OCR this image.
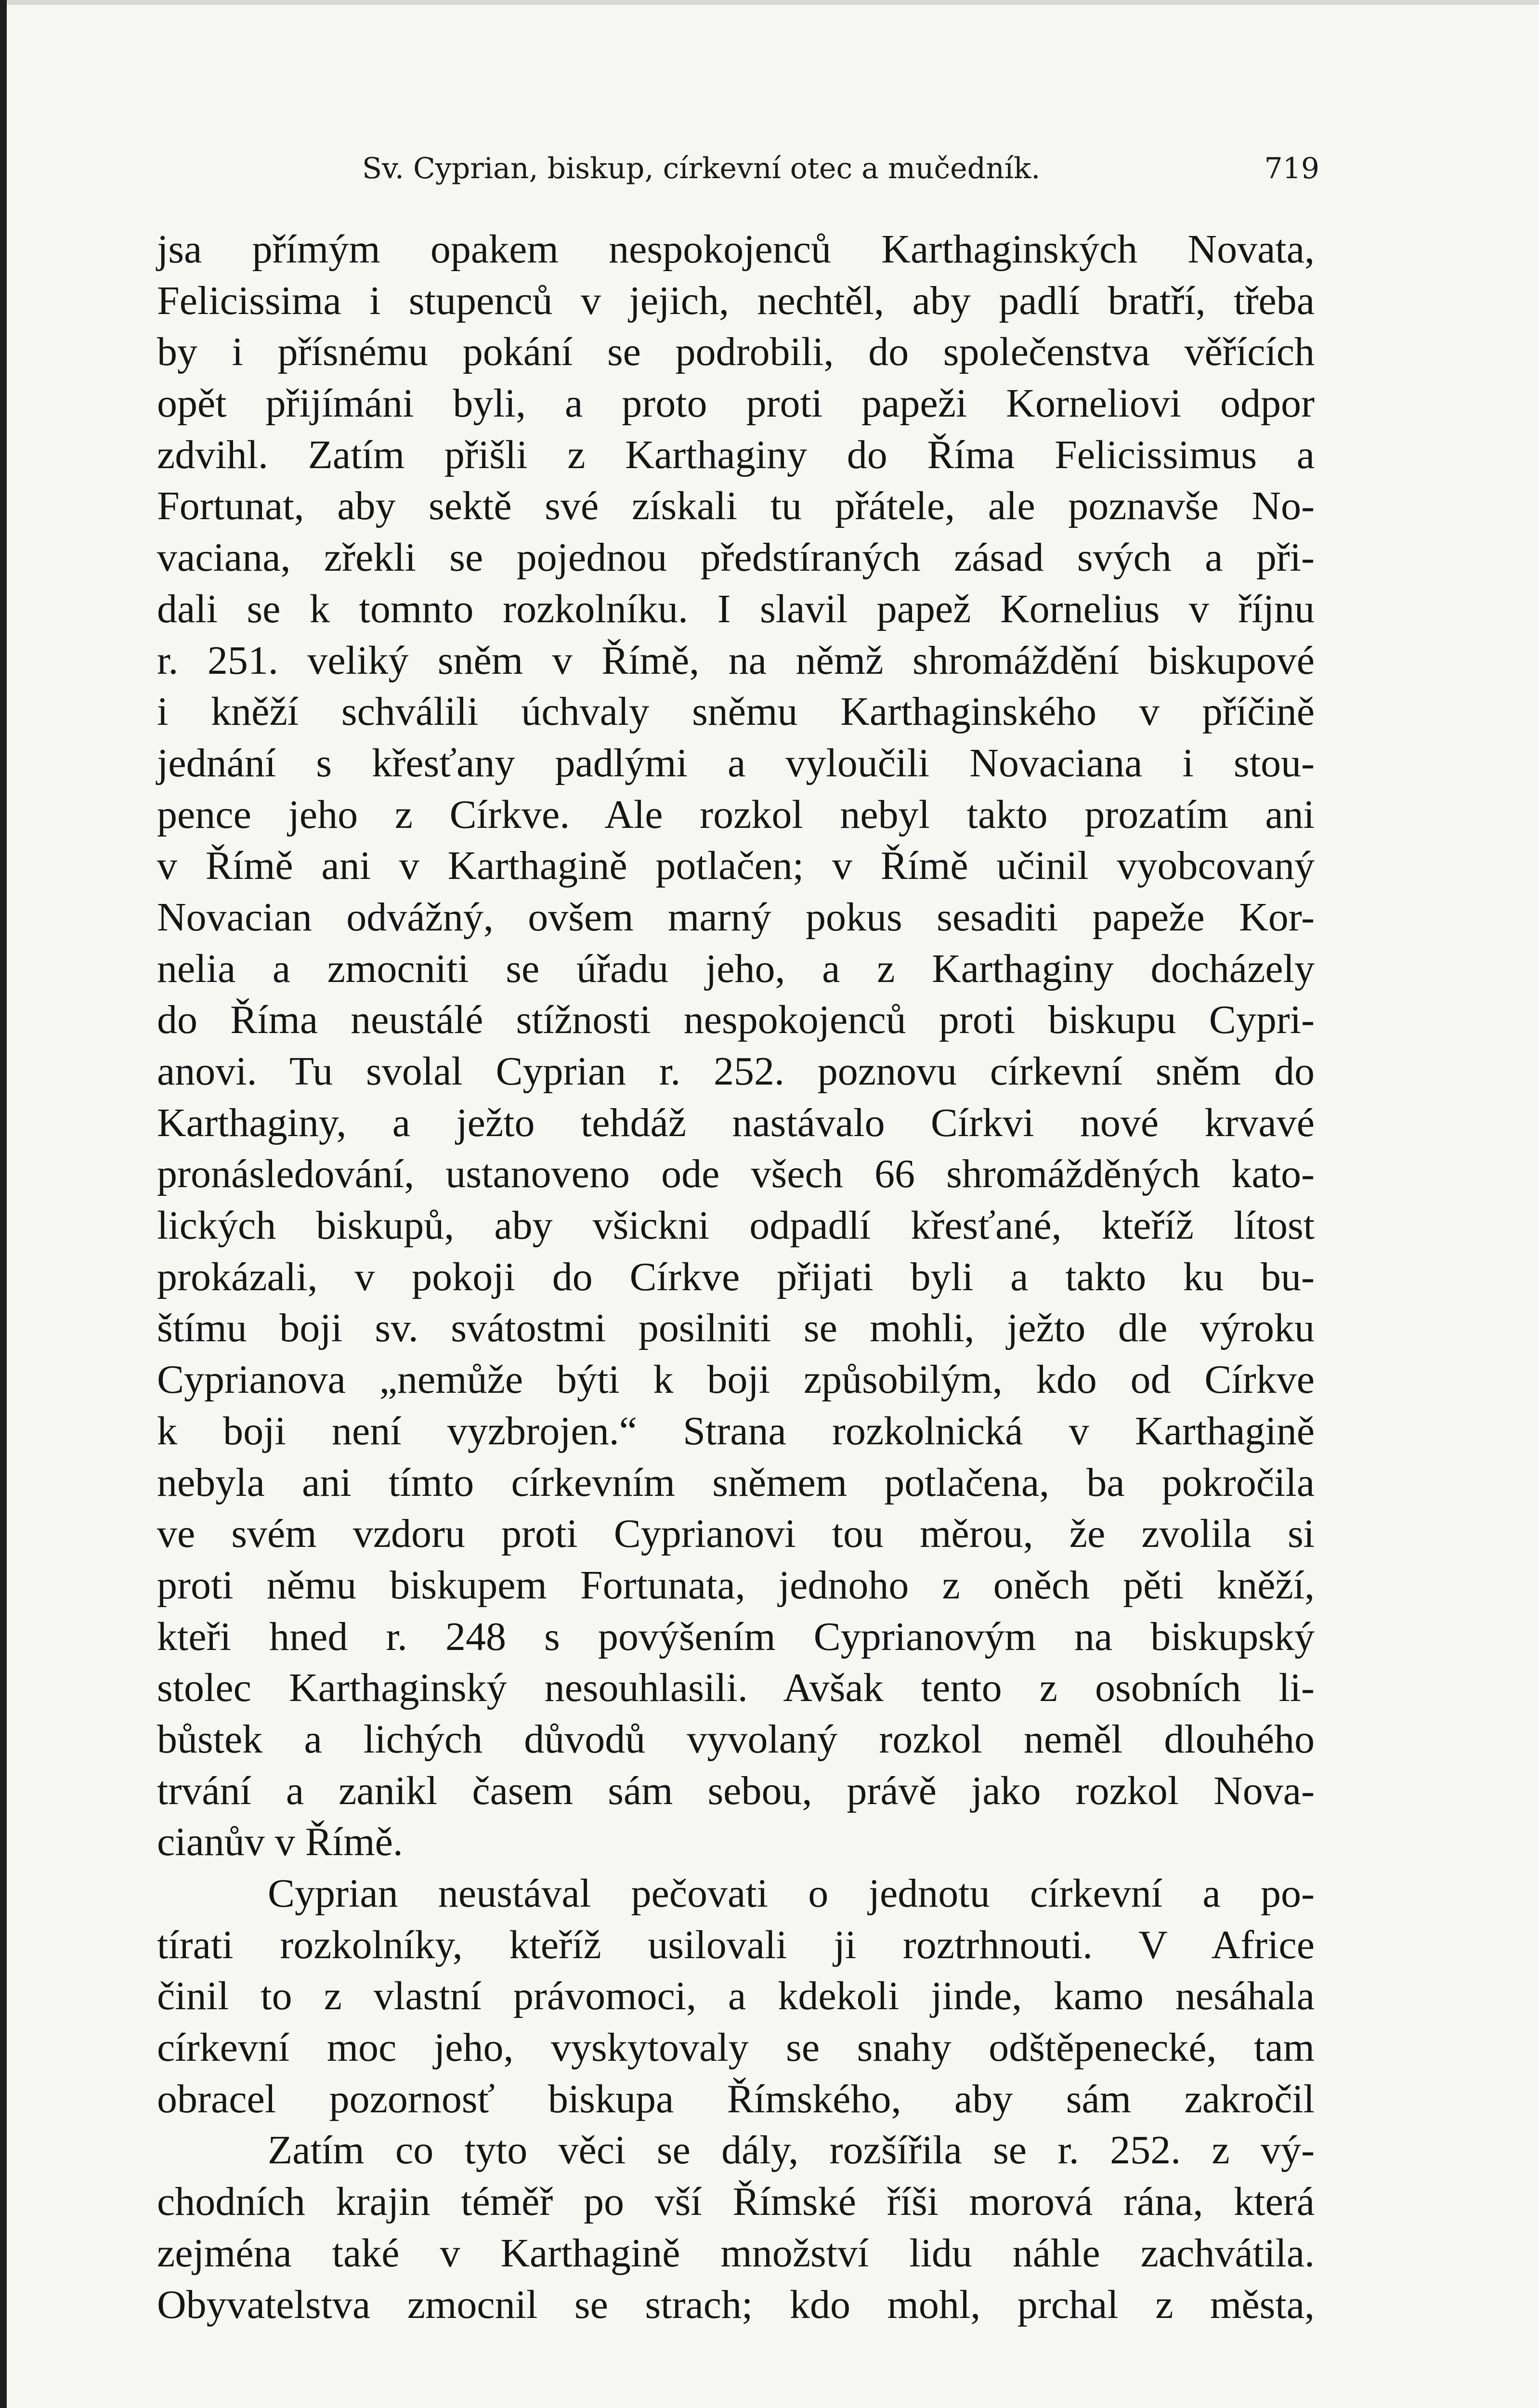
Sv. Cyprian, biskup, církevní otec a mučedník.	719
jsa přímým opakem nespokojenců Karthaginských Novata,
Felicissima i stupenců v jejich, nechtěl, aby padlí bratří, třeba
by i přísnému pokání se podrobili, do společenstva věřících
opět přijímáni byli, a proto proti papeži Korneliovi odpor
zdvihl. Zatím přišli z Karthaginy do Říma Felicissimus a
Fortunat, aby sektě své získali tu přátele, ale poznavše No-
vaciana, zřekli se pojednou předstíraných zásad svých a při-
dali se k tomnto rozkolníku. I slavil papež Kornelius v říjnu
r. 251. veliký sněm v Římě, na němž shromáždění biskupové
i kněží schválili úchvaly sněmu Karthaginského v příčině
jednání s křesťany padlými a vyloučili Novaciana i stou-
pence jeho z Církve. Ale rozkol nebyl takto prozatím ani
v Římě ani v Karthagině potlačen; v Římě učinil vyobcovaný
Novacian odvážný, ovšem marný pokus sesaditi papeže Kor-
nelia a zmocniti se úřadu jeho, a z Karthaginy docházely
do Říma neustálé stížnosti nespokojenců proti biskupu Cypri-
anovi. Tu svolal Cyprian r. 252. poznovu církevní sněm do
Karthaginy, a ježto tehdáž nastávalo Církvi nové krvavé
pronásledování, ustanoveno ode všech 66 shromážděných kato-
lických biskupů, aby všickni odpadlí křesťané, kteříž lítost
prokázali, v pokoji do Církve přijati byli a takto ku bu-
štímu boji sv. svátostmi posilniti se mohli, ježto dle výroku
Cyprianova „nemůže býti k boji způsobilým, kdo od Církve
k boji není vyzbrojen.“ Strana rozkolnická v Karthagině
nebyla ani tímto církevním sněmem potlačena, ba pokročila
ve svém vzdoru proti Cyprianovi tou měrou, že zvolila si
proti němu biskupem Fortunata, jednoho z oněch pěti kněží,
kteři hned r. 248 s povýšením Cyprianovým na biskupský
stolec Karthaginský nesouhlasili. Avšak tento z osobních li-
bůstek a lichých důvodů vyvolaný rozkol neměl dlouhého
trvání a zanikl časem sám sebou, právě jako rozkol Nova-
cianův v Římě.
Cyprian neustával pečovati o jednotu církevní a po-
tírati rozkolníky, kteříž usilovali ji roztrhnouti. V Africe
činil to z vlastní právomoci, a kdekoli jinde, kamo nesáhala
církevní moc jeho, vyskytovaly se snahy odštěpenecké, tam
obracel pozornosť biskupa Římského, aby sám zakročil
Zatím co tyto věci se dály, rozšířila se r. 252. z vý-
chodních krajin téměř po vší Římské říši morová rána, která
zejména také v Karthagině množství lidu náhle zachvátila.
Obyvatelstva zmocnil se strach; kdo mohl, prchal z města,
